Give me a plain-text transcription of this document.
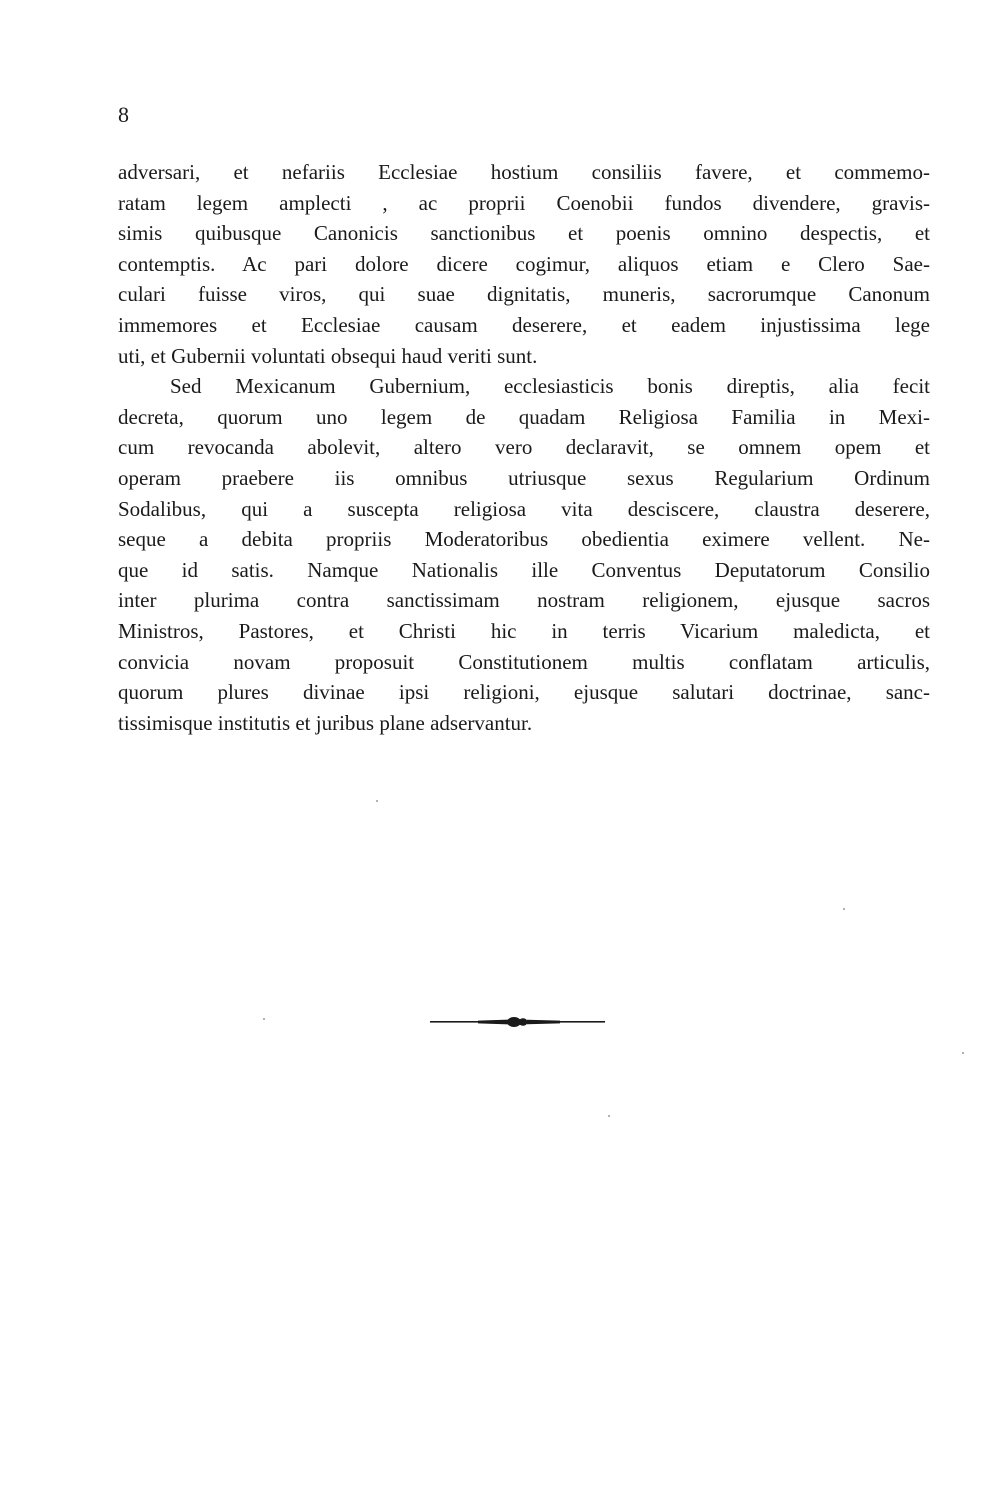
8
adversari, et nefariis Ecclesiae hostium consiliis favere, et commemo-
ratam legem amplecti , ac proprii Coenobii fundos divendere, gravis-
simis quibusque Canonicis sanctionibus et poenis omnino despectis, et
contemptis. Ac pari dolore dicere cogimur, aliquos etiam e Clero Sae-
culari fuisse viros, qui suae dignitatis, muneris, sacrorumque Canonum
immemores et Ecclesiae causam deserere, et eadem injustissima lege
uti, et Gubernii voluntati obsequi haud veriti sunt.
Sed Mexicanum Gubernium, ecclesiasticis bonis direptis, alia fecit
decreta, quorum uno legem de quadam Religiosa Familia in Mexi-
cum revocanda abolevit, altero vero declaravit, se omnem opem et
operam praebere iis omnibus utriusque sexus Regularium Ordinum
Sodalibus, qui a suscepta religiosa vita desciscere, claustra deserere,
seque a debita propriis Moderatoribus obedientia eximere vellent. Ne-
que id satis. Namque Nationalis ille Conventus Deputatorum Consilio
inter plurima contra sanctissimam nostram religionem, ejusque sacros
Ministros, Pastores, et Christi hic in terris Vicarium maledicta, et
convicia novam proposuit Constitutionem multis conflatam articulis,
quorum plures divinae ipsi religioni, ejusque salutari doctrinae, sanc-
tissimisque institutis et juribus plane adservantur.
